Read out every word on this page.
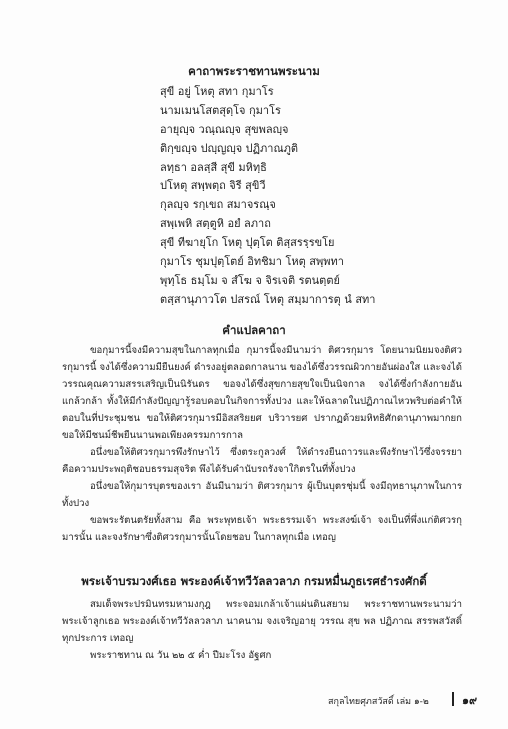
คาถาพระราชทานพระนาม
สุขี อยู่ โหตุ สทา กุมาโร
นามเมนโสตสุดฺโจ กุมาโร
อายุญฺจ วณฺณญฺจ สุขพลญฺจ
ติกฺขญฺจ ปญฺญญฺจ ปฏิภาณภูติ
ลทฺธา อลสฺสี สุขี มหิทฺธิ
ปโหตุ สพฺพตฺถ จิรี สุขิวี
กุลญฺจ รกฺเขถ สมาจรณฺจ
สพฺเพหิ สตฺตูหิ อยํ ลภาถ
สุขี ทีฆายุโก โหตุ ปุตฺโต ติสฺสรรฺรขโย
กุมาโร ชุมปุตฺโตย์ อิทชิมา โหตุ สพฺพทา
พุทฺโธ ธมฺโม จ สํโฆ จ จิรเจติ รตนตฺตย์
ตสฺสานุภาวโต ปสรณ์ โหตุ สมฺมาการตุ นํ สทา
คำแปลคาถา

ขอกุมารนี้จงมีความสุขในกาลทุกเมื่อ กุมารนี้จงมีนามว่า ติศวรกุมาร โดยนามนิยมจงติศวรกุมารนี้ จงได้ซึ่งความมียืนยงค์ ดำรงอยู่ตลอดกาลนาน ของได้ซึ่งวรรณผิวกายอันผ่องใส และจงได้วรรณคุณความสรรเสริญเป็นนิรันดร ขอจงได้ซึ่งสุขกายสุขใจเป็นนิจกาล จงได้ซึ่งกำลังกายอันแกล้วกล้า ทั้งให้มีกำลังปัญญารู้รอบคอบในกิจการทั้งปวง และให้ฉลาดในปฏิภาณไหวพริบต่อคำให้ตอบในที่ประชุมชน ขอให้ติศวรกุมารมีอิสสริยยศ บริวารยศ ปรากฏด้วยมหิทธิศักดานุภาพมากยกขอให้มีชนม์ชีพยืนนานพอเพียงครรมการกาล

อนึ่งขอให้ติศวรกุมารพึงรักษาไว้ ซึ่งตระกูลวงศ์ ให้ดำรงยืนถาวรและพึงรักษาไว้ซึ่งจรรยา คือความประพฤติชอบธรรมสุจริต พึงได้รับคำนับรถรังจาใกิตรในที่ทั้งปวง

อนึ่งขอให้กุมารบุตรของเรา อันมีนามว่า ติศวรกุมาร ผู้เป็นบุตรชุ่มนี้ จงมีฤทธานุภาพในการทั้งปวง

ขอพระรัตนตรัยทั้งสาม คือ พระพุทธเจ้า พระธรรมเจ้า พระสงฆ์เจ้า จงเป็นที่พึ่งแก่ติศวรกุมารนั้น และจงรักษาซึ่งติศวรกุมารนั้นโดยชอบ ในกาลทุกเมื่อ เทอญ

พระเจ้าบรมวงศ์เธอ พระองค์เจ้าทวีวัลลวลาภ กรมหมื่นภูธเรศธำรงศักดิ์

สมเด็จพระปรมินทรมหามงกุฎ พระจอมเกล้าเจ้าแผ่นดินสยาม พระราชทานพระนามว่าพระเจ้าลูกเธอ พระองค์เจ้าทวีวัลลวลาภ นาคนาม จงเจริญอายุ วรรณ สุข พล ปฏิภาณ สรรพสวัสดิ์ทุกประการ เทอญ

พระราชทาน ณ วัน ๒๒ ๕ ค่ำ ปีมะโรง อัฐศก

สกุลไทยศุภสวัสดิ์ เล่ม ๑-๒	๑๙
